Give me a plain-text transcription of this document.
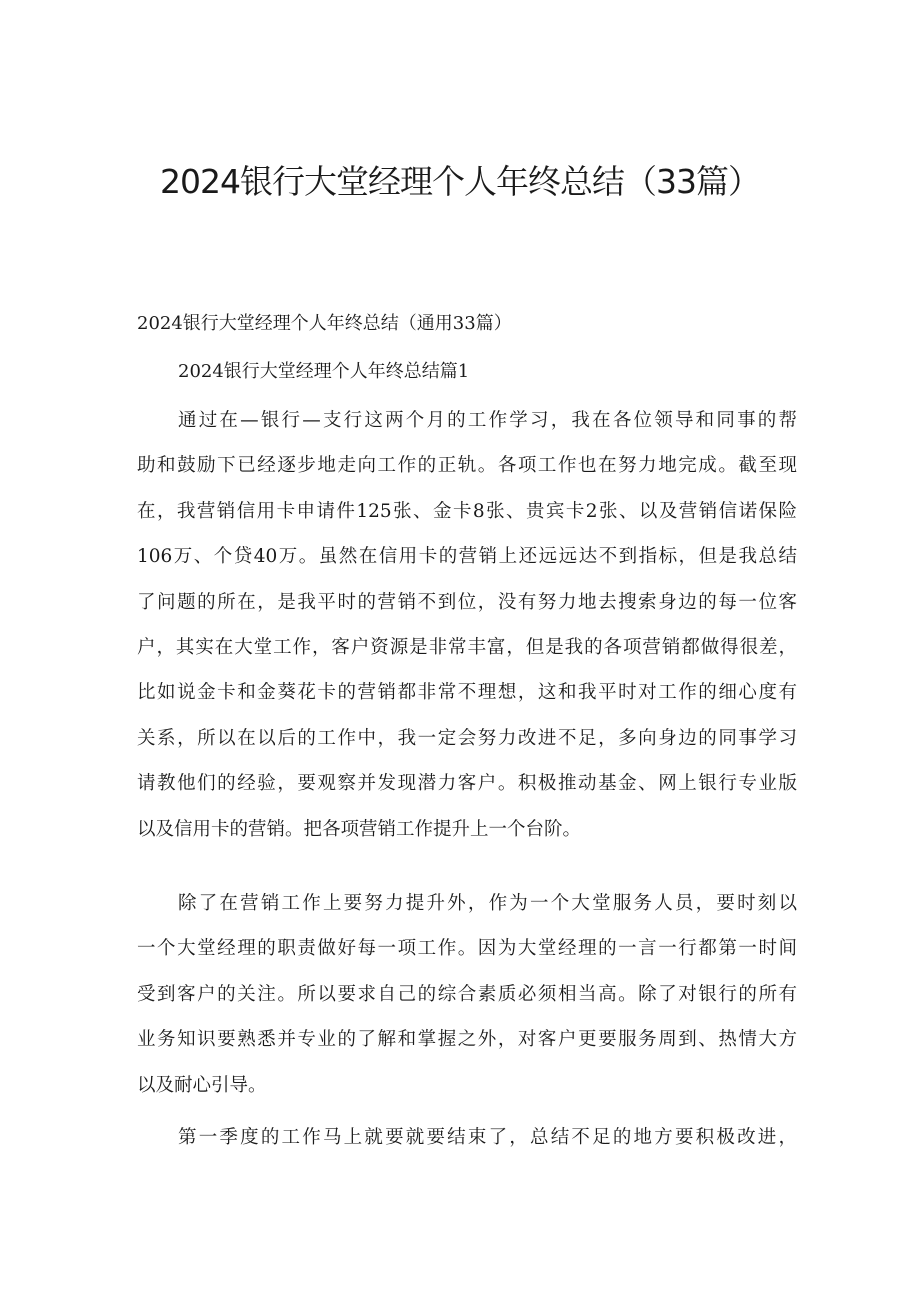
2024银行大堂经理个人年终总结（33篇）

2024银行大堂经理个人年终总结（通用33篇）

2024银行大堂经理个人年终总结篇1

通过在—银行—支行这两个月的工作学习，我在各位领导和同事的帮
助和鼓励下已经逐步地走向工作的正轨。各项工作也在努力地完成。截至现
在，我营销信用卡申请件125张、金卡8张、贵宾卡2张、以及营销信诺保险
106万、个贷40万。虽然在信用卡的营销上还远远达不到指标，但是我总结
了问题的所在，是我平时的营销不到位，没有努力地去搜索身边的每一位客
户，其实在大堂工作，客户资源是非常丰富，但是我的各项营销都做得很差，
比如说金卡和金葵花卡的营销都非常不理想，这和我平时对工作的细心度有
关系，所以在以后的工作中，我一定会努力改进不足，多向身边的同事学习
请教他们的经验，要观察并发现潜力客户。积极推动基金、网上银行专业版
以及信用卡的营销。把各项营销工作提升上一个台阶。
除了在营销工作上要努力提升外，作为一个大堂服务人员，要时刻以
一个大堂经理的职责做好每一项工作。因为大堂经理的一言一行都第一时间
受到客户的关注。所以要求自己的综合素质必须相当高。除了对银行的所有
业务知识要熟悉并专业的了解和掌握之外，对客户更要服务周到、热情大方
以及耐心引导。
第一季度的工作马上就要就要结束了，总结不足的地方要积极改进，
